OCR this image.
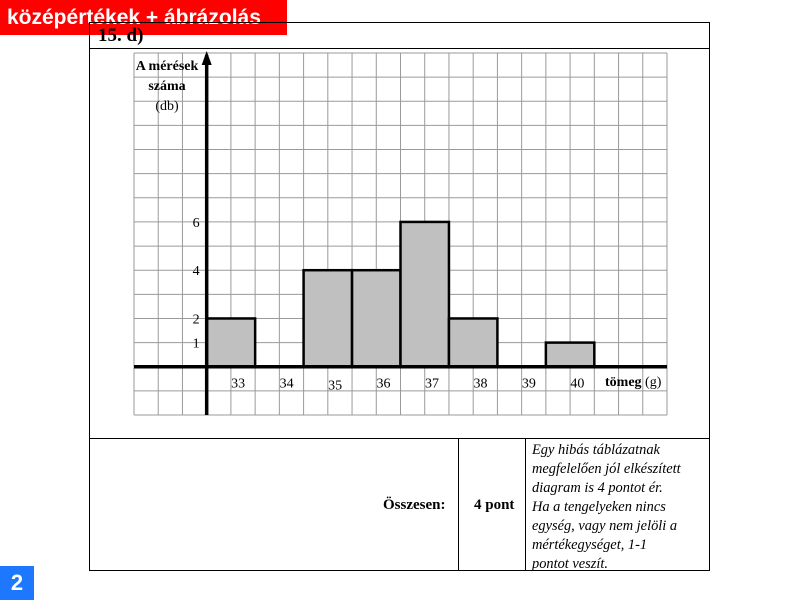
középértékek + ábrázolás
15. d)
33 34 35 36 37 38 39 40
1
2
4
6
A mérések
száma
(db)
tömeg (g)
Összesen: 4 pont
Egy hibás táblázatnak
megfelelően jól elkészített
diagram is 4 pontot ér.
Ha a tengelyeken nincs
egység, vagy nem jelöli a
mértékegységet, 1-1
pontot veszít.
2
